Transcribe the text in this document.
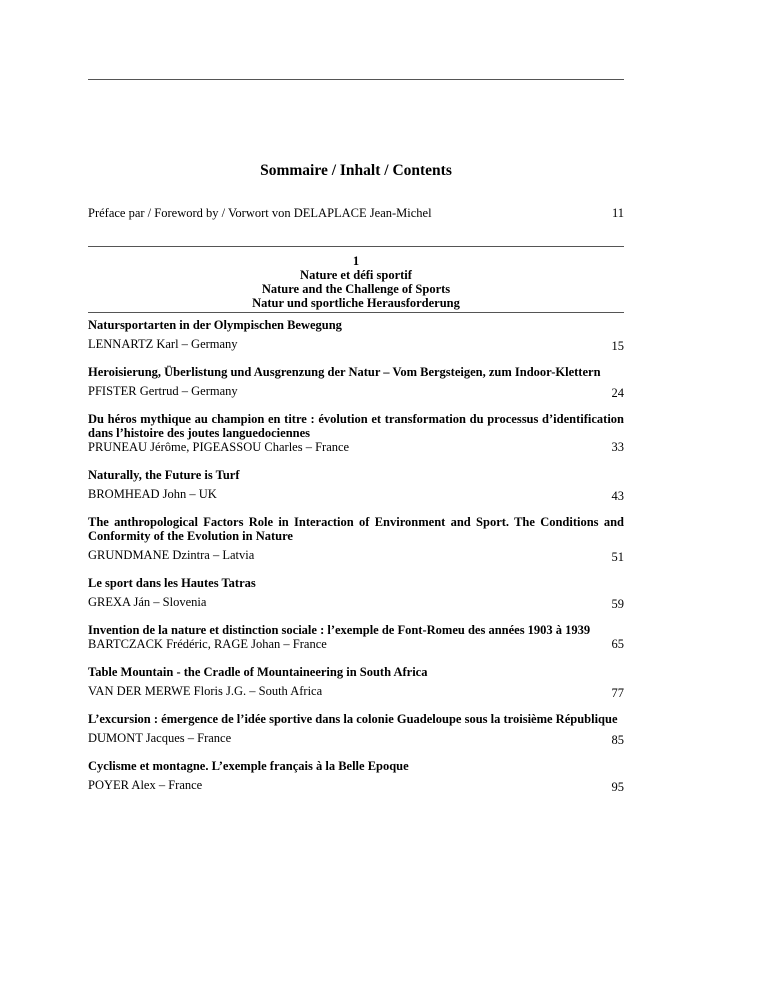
Sommaire / Inhalt / Contents
Préface par / Foreword by / Vorwort von DELAPLACE Jean-Michel	11
1
Nature et défi sportif
Nature and the Challenge of Sports
Natur und sportliche Herausforderung
Natursportarten in der Olympischen Bewegung
LENNARTZ Karl – Germany	15
Heroisierung, Überlistung und Ausgrenzung der Natur – Vom Bergsteigen, zum Indoor-Klettern
PFISTER Gertrud – Germany	24
Du héros mythique au champion en titre : évolution et transformation du processus d’identification dans l’histoire des joutes languedociennes
PRUNEAU Jérôme, PIGEASSOU Charles – France	33
Naturally, the Future is Turf
BROMHEAD John – UK	43
The anthropological Factors Role in Interaction of Environment and Sport. The Conditions and Conformity of the Evolution in Nature
GRUNDMANE Dzintra – Latvia	51
Le sport dans les Hautes Tatras
GREXA Ján – Slovenia	59
Invention de la nature et distinction sociale : l’exemple de Font-Romeu des années 1903 à 1939
BARTCZACK Frédéric, RAGE Johan – France	65
Table Mountain - the Cradle of Mountaineering in South Africa
VAN DER MERWE Floris J.G. – South Africa	77
L’excursion : émergence de l’idée sportive dans la colonie Guadeloupe sous la troisième République
DUMONT Jacques – France	85
Cyclisme et montagne. L’exemple français à la Belle Epoque
POYER Alex – France	95
